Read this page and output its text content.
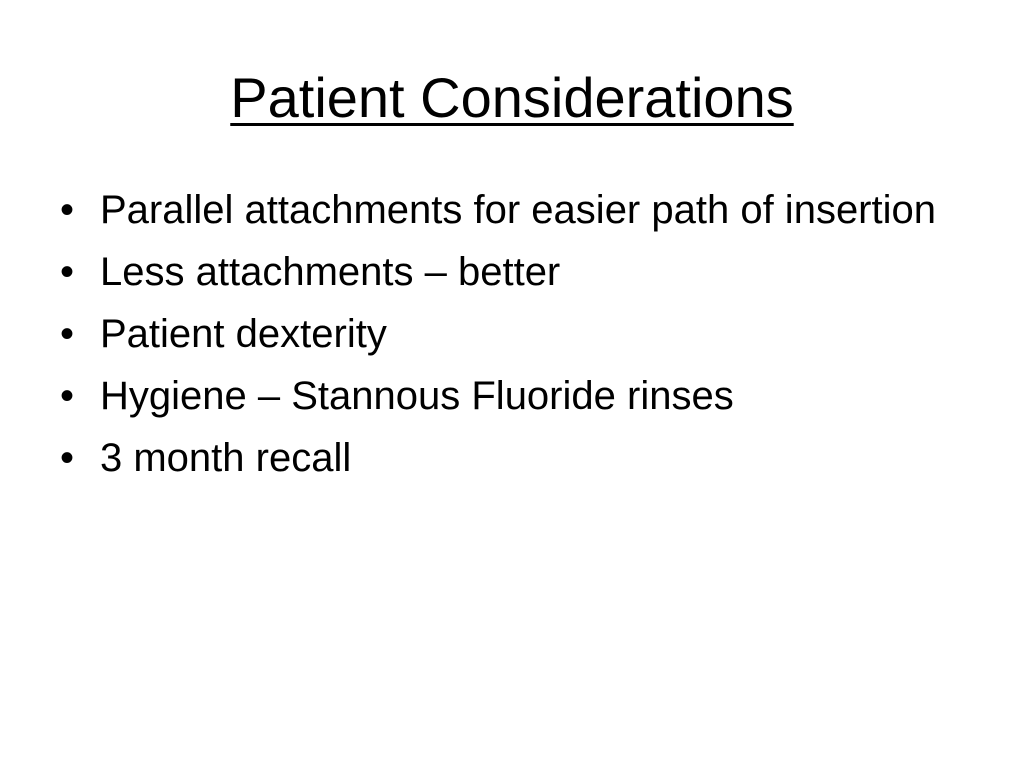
Patient Considerations
• Parallel attachments for easier path of insertion
• Less attachments – better
• Patient dexterity
• Hygiene – Stannous Fluoride rinses
• 3 month recall
